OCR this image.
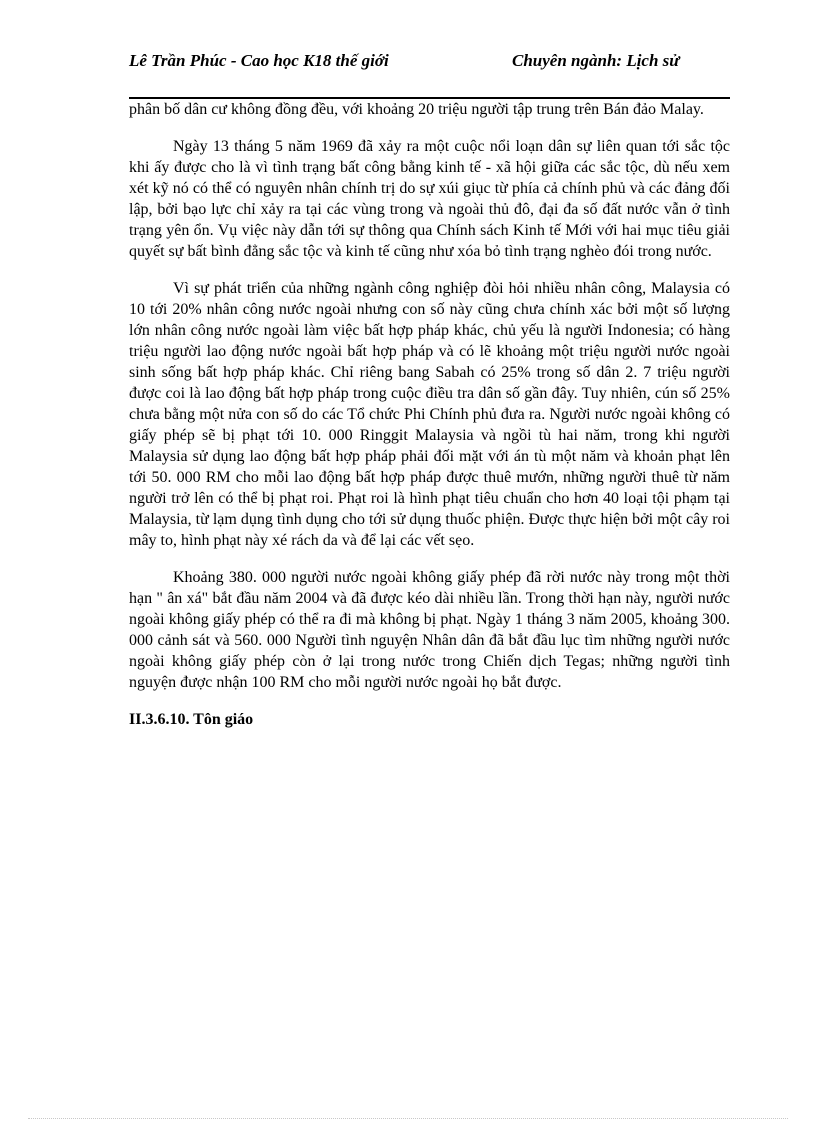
Lê Trần Phúc - Cao học K18 thế giới	Chuyên ngành: Lịch sử

phân bố dân cư không đồng đều, với khoảng 20 triệu người tập trung trên Bán đảo Malay.

Ngày 13 tháng 5 năm 1969 đã xảy ra một cuộc nổi loạn dân sự liên quan tới sắc tộc khi ấy được cho là vì tình trạng bất công bằng kinh tế - xã hội giữa các sắc tộc, dù nếu xem xét kỹ nó có thể có nguyên nhân chính trị do sự xúi giục từ phía cả chính phủ và các đảng đối lập, bởi bạo lực chỉ xảy ra tại các vùng trong và ngoài thủ đô, đại đa số đất nước vẫn ở tình trạng yên ổn. Vụ việc này dẫn tới sự thông qua Chính sách Kinh tế Mới với hai mục tiêu giải quyết sự bất bình đẳng sắc tộc và kinh tế cũng như xóa bỏ tình trạng nghèo đói trong nước.

Vì sự phát triển của những ngành công nghiệp đòi hỏi nhiều nhân công, Malaysia có 10 tới 20% nhân công nước ngoài nhưng con số này cũng chưa chính xác bởi một số lượng lớn nhân công nước ngoài làm việc bất hợp pháp khác, chủ yếu là người Indonesia; có hàng triệu người lao động nước ngoài bất hợp pháp và có lẽ khoảng một triệu người nước ngoài sinh sống bất hợp pháp khác. Chỉ riêng bang Sabah có 25% trong số dân 2. 7 triệu người được coi là lao động bất hợp pháp trong cuộc điều tra dân số gần đây. Tuy nhiên, cún số 25% chưa bằng một nửa con số do các Tổ chức Phi Chính phủ đưa ra. Người nước ngoài không có giấy phép sẽ bị phạt tới 10. 000 Ringgit Malaysia và ngồi tù hai năm, trong khi người Malaysia sử dụng lao động bất hợp pháp phải đối mặt với án tù một năm và khoản phạt lên tới 50. 000 RM cho mỗi lao động bất hợp pháp được thuê mướn, những người thuê từ năm người trở lên có thể bị phạt roi. Phạt roi là hình phạt tiêu chuẩn cho hơn 40 loại tội phạm tại Malaysia, từ lạm dụng tình dụng cho tới sử dụng thuốc phiện. Được thực hiện bởi một cây roi mây to, hình phạt này xé rách da và để lại các vết sẹo.

Khoảng 380. 000 người nước ngoài không giấy phép đã rời nước này trong một thời hạn " ân xá" bắt đầu năm 2004 và đã được kéo dài nhiều lần. Trong thời hạn này, người nước ngoài không giấy phép có thể ra đi mà không bị phạt. Ngày 1 tháng 3 năm 2005, khoảng 300. 000 cảnh sát và 560. 000 Người tình nguyện Nhân dân đã bắt đầu lục tìm những người nước ngoài không giấy phép còn ở lại trong nước trong Chiến dịch Tegas; những người tình nguyện được nhận 100 RM cho mỗi người nước ngoài họ bắt được.

II.3.6.10. Tôn giáo
